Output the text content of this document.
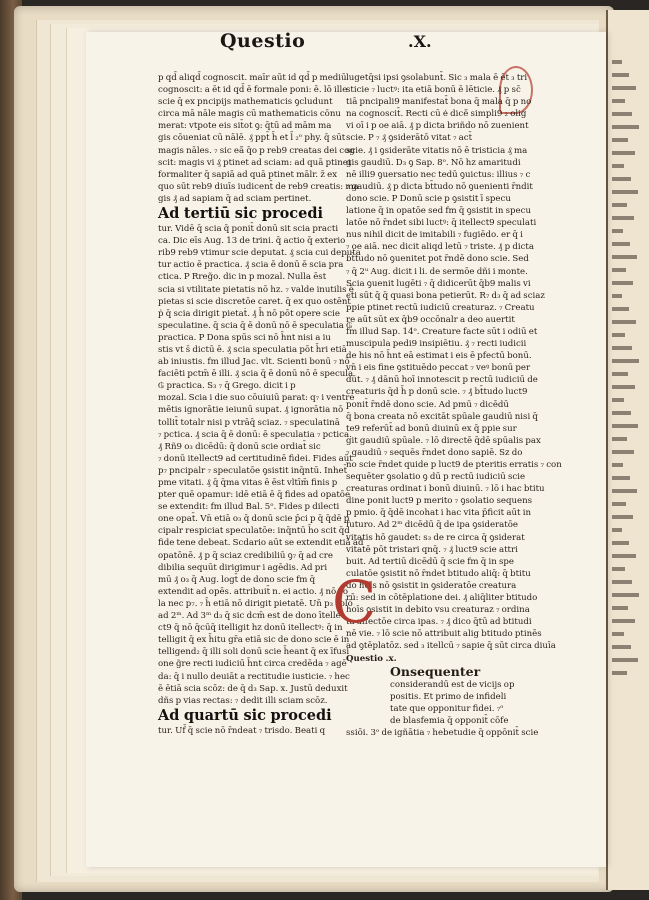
Questio	.X.
p qd̄ aliqd̄ cognoscit. maīr aūt id qd̄ p mediū
cognoscit: a ēt id qd̄ ē formale poni: ē. lō ille
scie q̄ ex pncipijs mathematicis ꝯcludunt
circa mā nāle magis cū mathematicis cōnu
merat: vtpote eis sit̄ot ꝯ: q̄tū ad mām ma
gis cōueniat cū nālē. ₰ ppt̄ h̄ et l̄ ₂ᵒ phy. q̄ sūt
magis nāles. ₇ sic eā̄ q̄o p reb9 creatas dei cog
scit: magis vi ₰ ptinet ad sciam: ad quā ptinet
formaliter q̄ sapiā ad quā ptinet mālr. z̄ ex
quo sūt reb9 diuīs iudicent̄ de reb9 creatis: ma
gis ₰ ad sapiam q̄ ad sciam pertinet.
Ad tertiū sic procedi
tur. Vidē q̄ scia q̄ ponit̄ donū sit scia practi
ca. Dic eīs Aug. 13 de trini. q̄ actio q̄ exterio
rib9 reb9 vtimur scie deputat. ₰ scia cui deputa
tur actio ē practica. ₰ scia ē donū ē scia pra
ctica. P Rreg̃o. dic in p mozal. Nulla ēst
scia si vtilitate pietatis nō hz. ₇ valde inutilis ē
pietas si scie discretōe caret. q̄ ex quo ostēnt̄
ṗ q̄ scia dirigit pietaṫ. ₰ h̄ nō pōt opere scie
speculatine. q̄ scia q̄ ē donū nō ē speculatia ₲
practica. P Dona spūs sci nō h̄nt nisi a iu
stis vt s̄ dictū ē. ₰ scia speculatia pōt h̄ri etiā
ab iniustis. fm illud Jac. vlt. Scienti bonū ₇ nō
faciēti pctm̄ ē illi. ₰ scia q̄ ē donū nō ē specula
₲ practica. S₃ ₇ q̄ Grego. dicit i p
mozal. Scia i die suo cōuiuiū parat: q₇ i ventre
mētis ignorātie ieiunū supat. ₰ ignorātia nō
tollit̄ totalr nisi p vtrāq̄ sciaz. ₇ speculatinā
₇ pctica. ₰ scia q̄ ē donū: ē speculatia ₇ pctica.
₰ Rñ9 o₃ dicēdū: q̄ donū scie ordiat̄ sic
₇ donū itellect9 ad certitudinē fidei. Fides aūt
p₇ pncipalr ₇ speculatōe ꝯsistit inq̄ntū. Inhet̄
pme vitati. ₰ q̄ q̄ma vitas ē ēst vltīm̄ finis p
pter quē opamur: idē etiā ē q̄ fides ad opatōe
se extendit: fm illud Bal. 5ᵒ. Fides p dilecti
one opat̄. Vn̄ etiā o₃ q̄ donū scie p̄ci p q̄ q̄dē p
cipalr respiciat speculatōe: inq̄ntū h̄o scit q̄d
fide tene debeat. Scdario aūt se extendit etiā ad
opatōnē. ₰ p q̄ sciaz credibiliū ꝯ₇ q̄ ad cre
dibilia sequūt dirigimur i agēdis. Ad pri
mū ₰ o₃ q̄ Aug. logt̄ de dono scie fm q̄
extendit ad opēs. attribuit̄ n. ei actio. ₰ nō so
la nec p₇. ₇ h̄ etiā nō dirigit pietatē. Un̄ p₃ solō
ad 2ᵐ. Ad 3ᵐ d₃ q̄ sic dcm̄ est de dono ītelle
ct9 q̄ nō q̄cūq̄ itelligit hz donū itellectꝰ: q̄ in
telligit q̄ ex h̄itu gr̄a etiā sic de dono scie ē in
telligend₂ q̄ illi soli donū scie h̄eant q̄ ex īfusi
one g̃re recti iudiciū h̄nt circa credēda ₇ agē
da: q̄ i nullo deuiāt a rectitudie iusticie. ₇ hec
ē ētiā scia scōz: de q̄ d₃ Sap. x. Justū deduxit
dñs p vias rectas: ₇ dedit illi sciam scōz.
Ad quartū sic procedi
tur. Uf̄ q̄ scie nō r̄ndeat ₇ trisdo. Beati q
lugetq̄si ipsi ꝯsolabunt̄. Sic ₃ mala ē ēt ₃ tri
sticie ₇ luctꝰ: ita etiā bonū ē lēticie. ₰ p sc̄
tiā pncipali9 manifestat̄ bona q̄ mala q̄ p no
na cognoscit̄. Recti cū e̒ dicē̄ simpli9 ₂ olig
vi oī i p oe aiā. ₰ p dicta briñdo nō zuenient
scie. P ₇ ₰ ꝯsiderātō vitat ₇ act̄
scie. ₰ i ꝯsiderāte vitatis nō ē tristicia ₰ ma
gis gaudiū. D₃ ꝯ Sap. 8ᵒ. Nō hz amaritudi
nē illi9 ꝯuersatio nec tedū ꝯuictus: illius ₇ c
₇ gaudiū. ₰ p dicta bt̄tudo nō ꝯuenienti r̄ndit
dono scie. P Donū scie p ꝯsistit ī specu
latione q̄ in opatōe sed fm q̄ ꝯsistit in specu
latōe nō r̄ndet sibi luctꝰ: q̄ itellect9 speculati
nus nihil dicit de imitabili ₇ fugiēdo. er q̄ i
₇ oe aiā. nec dicit aliqd letū ₇ triste. ₰ p dicta
bt̄tudo nō ꝯuenitet pot r̄ndē dono scie. Sed
₇ q̄ 2ᵘ Aug. dicit i li. de sermōe dñi i monte.
Scia ꝯuenit lugēti ₇ q̄ didicerūt q̄b9 malis vi
cti sūt q̄ q̄ quasi bona petierūt. R₇ d₃ q̄ ad sciaz
ppie ptinet rectū iudiciū creaturaz. ₇ Creatu
re aūt sūt ex q̄b9 occōnalr a deo auertit
fm illud Sap. 14ᵒ. Creature facte sūt i odiū et
muscipula pedi9 insipiētiu. ₰ ₇ recti iudicii
de his nō h̄nt eā estimat i eis ē pfectū bonū.
vn̄ i eis fine ꝯstituēdo peccat ₇ veꝰ bonū per
dūt. ₇ ₰ dānū hoī innotescit p rectū iudiciū de
creaturis q̄d h̄ p donū scie. ₇ ₰ bt̄tudo luct9
ponit̄ r̄ndē dono scie. Ad pmū ₇ dicēdū
q̄ bona creata nō excitāt spūale gaudiū nisi q̄
te9 referūt̄ ad bonū diuinū ex q̄ ppie sur
git gaudiū spūale. ₇ lō directē q̄dē spūalis pax
₇ gaudiū ₇ sequēs r̄ndet dono sapiē. Sz do
no scie r̄ndet quide p luct9 de pteritis erratis ₇ con
sequēter ꝯsolatio ꝯ dū p rectū iudiciū scie
creaturas ordinat i bonū diuinū. ₇ lō i hac btitu
dine ponit luct9 p merito ₇ ꝯsolatio sequens
p pmio. q̄ q̄dē incohat i hac vita p̄ficit aūt in
futuro. Ad 2ᵐ dicēdū q̄ de ipa ꝯsideratōe
vitatis hō gaudet: s₃ de re circa q̄ ꝯsiderat
vitatē pōt tristari qnq̄. ₇ ₰ luct9 scie attri
buit. Ad tertiū dicēdū q̄ scie fm q̄ in spe
culatōe ꝯsistit nō r̄ndet btitudo aliq̄: q̄ btitu
do hoīs nō ꝯsistit in ꝯsideratōe creatura
rū: sed in cōtēplatione dei. ₰ aliq̄liter btitudo
hoīs ꝯsistit in debito vsu creaturaz ₇ ordina
ta affectōe circa ipas. ₇ ₰ dico q̄tū ad btitudi
nē vie. ₇ lō scie nō attribuit alig btitudo ptinēs
ad ꝯtēplatōz. sed ₃ itellcū ₇ sapie q̄ sūt circa diuīa
Questio .x.
Onsequenter
considerandū est de vicijs op
positis. Et primo de infideli
tate que opponitur fidei. ₇ᵒ
de blasfemia q̄ opponit̄ cōfe
ssiōi. 3ᵒ de igñātia ₇ hebetudie q̄ oppōnit̄ scie
C
